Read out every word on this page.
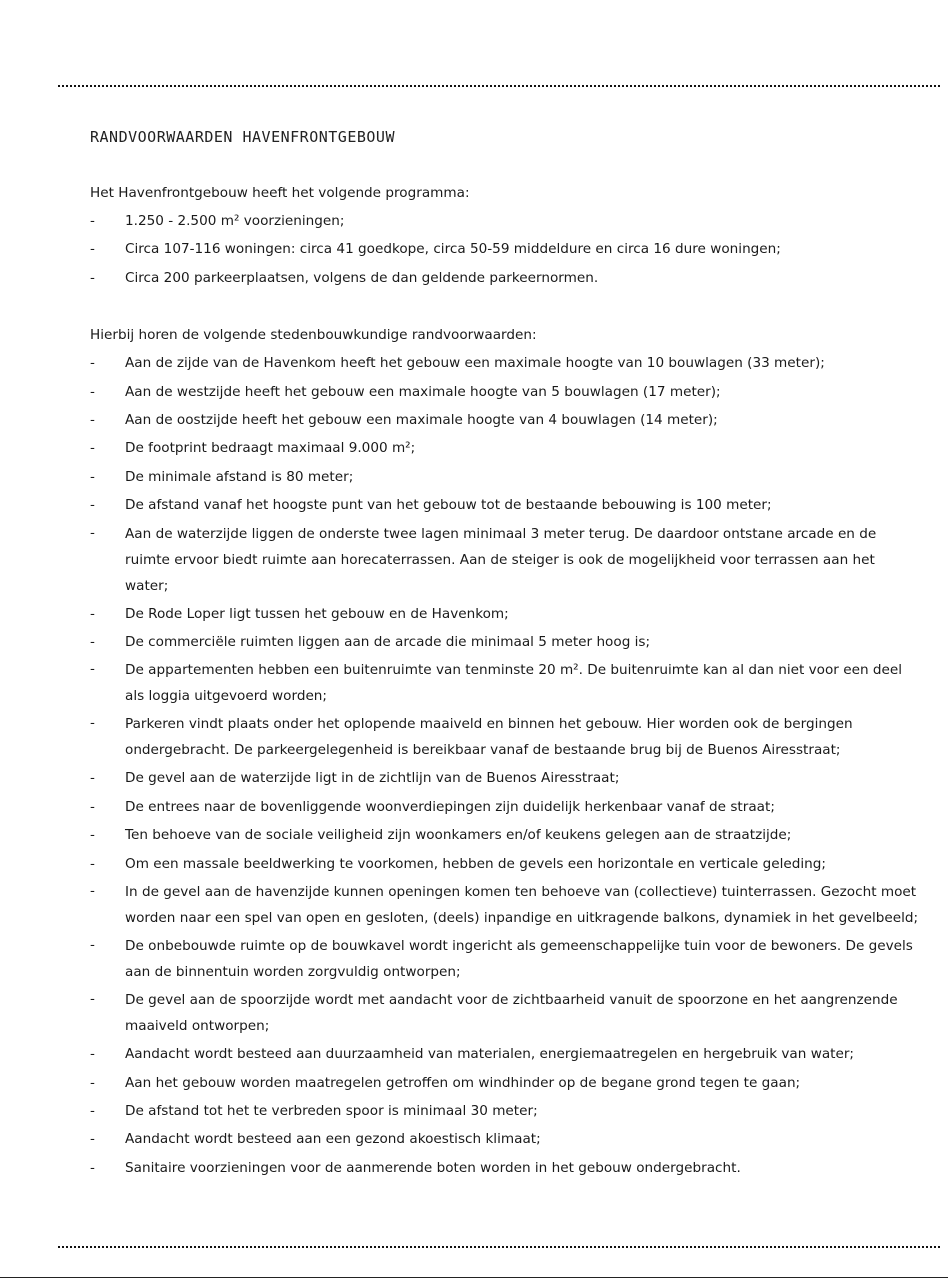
RANDVOORWAARDEN HAVENFRONTGEBOUW

Het Havenfrontgebouw heeft het volgende programma:

- 1.250 - 2.500 m² voorzieningen;
- Circa 107-116 woningen: circa 41 goedkope, circa 50-59 middeldure en circa 16 dure woningen;
- Circa 200 parkeerplaatsen, volgens de dan geldende parkeernormen.

Hierbij horen de volgende stedenbouwkundige randvoorwaarden:

- Aan de zijde van de Havenkom heeft het gebouw een maximale hoogte van 10 bouwlagen (33 meter);
- Aan de westzijde heeft het gebouw een maximale hoogte van 5 bouwlagen (17 meter);
- Aan de oostzijde heeft het gebouw een maximale hoogte van 4 bouwlagen (14 meter);
- De footprint bedraagt maximaal 9.000 m²;
- De minimale afstand is 80 meter;
- De afstand vanaf het hoogste punt van het gebouw tot de bestaande bebouwing is 100 meter;
- Aan de waterzijde liggen de onderste twee lagen minimaal 3 meter terug. De daardoor ontstane arcade en de ruimte ervoor biedt ruimte aan horecaterrassen. Aan de steiger is ook de mogelijkheid voor terrassen aan het water;
- De Rode Loper ligt tussen het gebouw en de Havenkom;
- De commerciële ruimten liggen aan de arcade die minimaal 5 meter hoog is;
- De appartementen hebben een buitenruimte van tenminste 20 m². De buitenruimte kan al dan niet voor een deel als loggia uitgevoerd worden;
- Parkeren vindt plaats onder het oplopende maaiveld en binnen het gebouw. Hier worden ook de bergingen ondergebracht. De parkeergelegenheid is bereikbaar vanaf de bestaande brug bij de Buenos Airesstraat;
- De gevel aan de waterzijde ligt in de zichtlijn van de Buenos Airesstraat;
- De entrees naar de bovenliggende woonverdiepingen zijn duidelijk herkenbaar vanaf de straat;
- Ten behoeve van de sociale veiligheid zijn woonkamers en/of keukens gelegen aan de straatzijde;
- Om een massale beeldwerking te voorkomen, hebben de gevels een horizontale en verticale geleding;
- In de gevel aan de havenzijde kunnen openingen komen ten behoeve van (collectieve) tuinterrassen. Gezocht moet worden naar een spel van open en gesloten, (deels) inpandige en uitkragende balkons, dynamiek in het gevelbeeld;
- De onbebouwde ruimte op de bouwkavel wordt ingericht als gemeenschappelijke tuin voor de bewoners. De gevels aan de binnentuin worden zorgvuldig ontworpen;
- De gevel aan de spoorzijde wordt met aandacht voor de zichtbaarheid vanuit de spoorzone en het aangrenzende maaiveld ontworpen;
- Aandacht wordt besteed aan duurzaamheid van materialen, energiemaatregelen en hergebruik van water;
- Aan het gebouw worden maatregelen getroffen om windhinder op de begane grond tegen te gaan;
- De afstand tot het te verbreden spoor is minimaal 30 meter;
- Aandacht wordt besteed aan een gezond akoestisch klimaat;
- Sanitaire voorzieningen voor de aanmerende boten worden in het gebouw ondergebracht.
